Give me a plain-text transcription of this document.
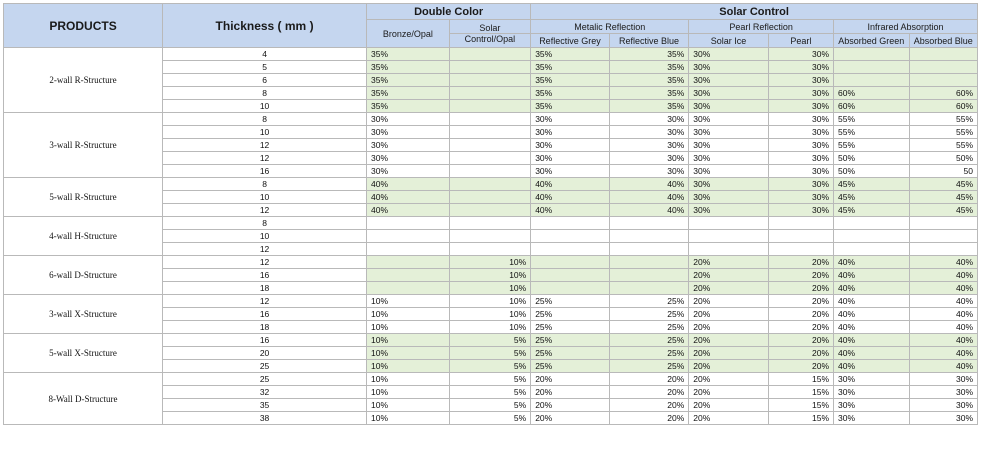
PRODUCTS	Thickness ( mm )	Double Color		Solar Control					
		Bronze/Opal	Solar	Metalic Reflection		Pearl Reflection		Infrared Absorption	
			Control/Opal	Reflective Grey	Reflective Blue	Solar Ice	Pearl	Absorbed Green	Absorbed Blue
2-wall R-Structure	4	35%		35%	35%	30%	30%		
	5	35%		35%	35%	30%	30%		
	6	35%		35%	35%	30%	30%		
	8	35%		35%	35%	30%	30%	60%	60%
	10	35%		35%	35%	30%	30%	60%	60%
3-wall R-Structure	8	30%		30%	30%	30%	30%	55%	55%
	10	30%		30%	30%	30%	30%	55%	55%
	12	30%		30%	30%	30%	30%	55%	55%
	12	30%		30%	30%	30%	30%	50%	50%
	16	30%		30%	30%	30%	30%	50%	50
5-wall R-Structure	8	40%		40%	40%	30%	30%	45%	45%
	10	40%		40%	40%	30%	30%	45%	45%
	12	40%		40%	40%	30%	30%	45%	45%
4-wall H-Structure	8								
	10								
	12								
6-wall D-Structure	12		10%			20%	20%	40%	40%
	16		10%			20%	20%	40%	40%
	18		10%			20%	20%	40%	40%
3-wall X-Structure	12	10%	10%	25%	25%	20%	20%	40%	40%
	16	10%	10%	25%	25%	20%	20%	40%	40%
	18	10%	10%	25%	25%	20%	20%	40%	40%
5-wall X-Structure	16	10%	5%	25%	25%	20%	20%	40%	40%
	20	10%	5%	25%	25%	20%	20%	40%	40%
	25	10%	5%	25%	25%	20%	20%	40%	40%
8-Wall D-Structure	25	10%	5%	20%	20%	20%	15%	30%	30%
	32	10%	5%	20%	20%	20%	15%	30%	30%
	35	10%	5%	20%	20%	20%	15%	30%	30%
	38	10%	5%	20%	20%	20%	15%	30%	30%
